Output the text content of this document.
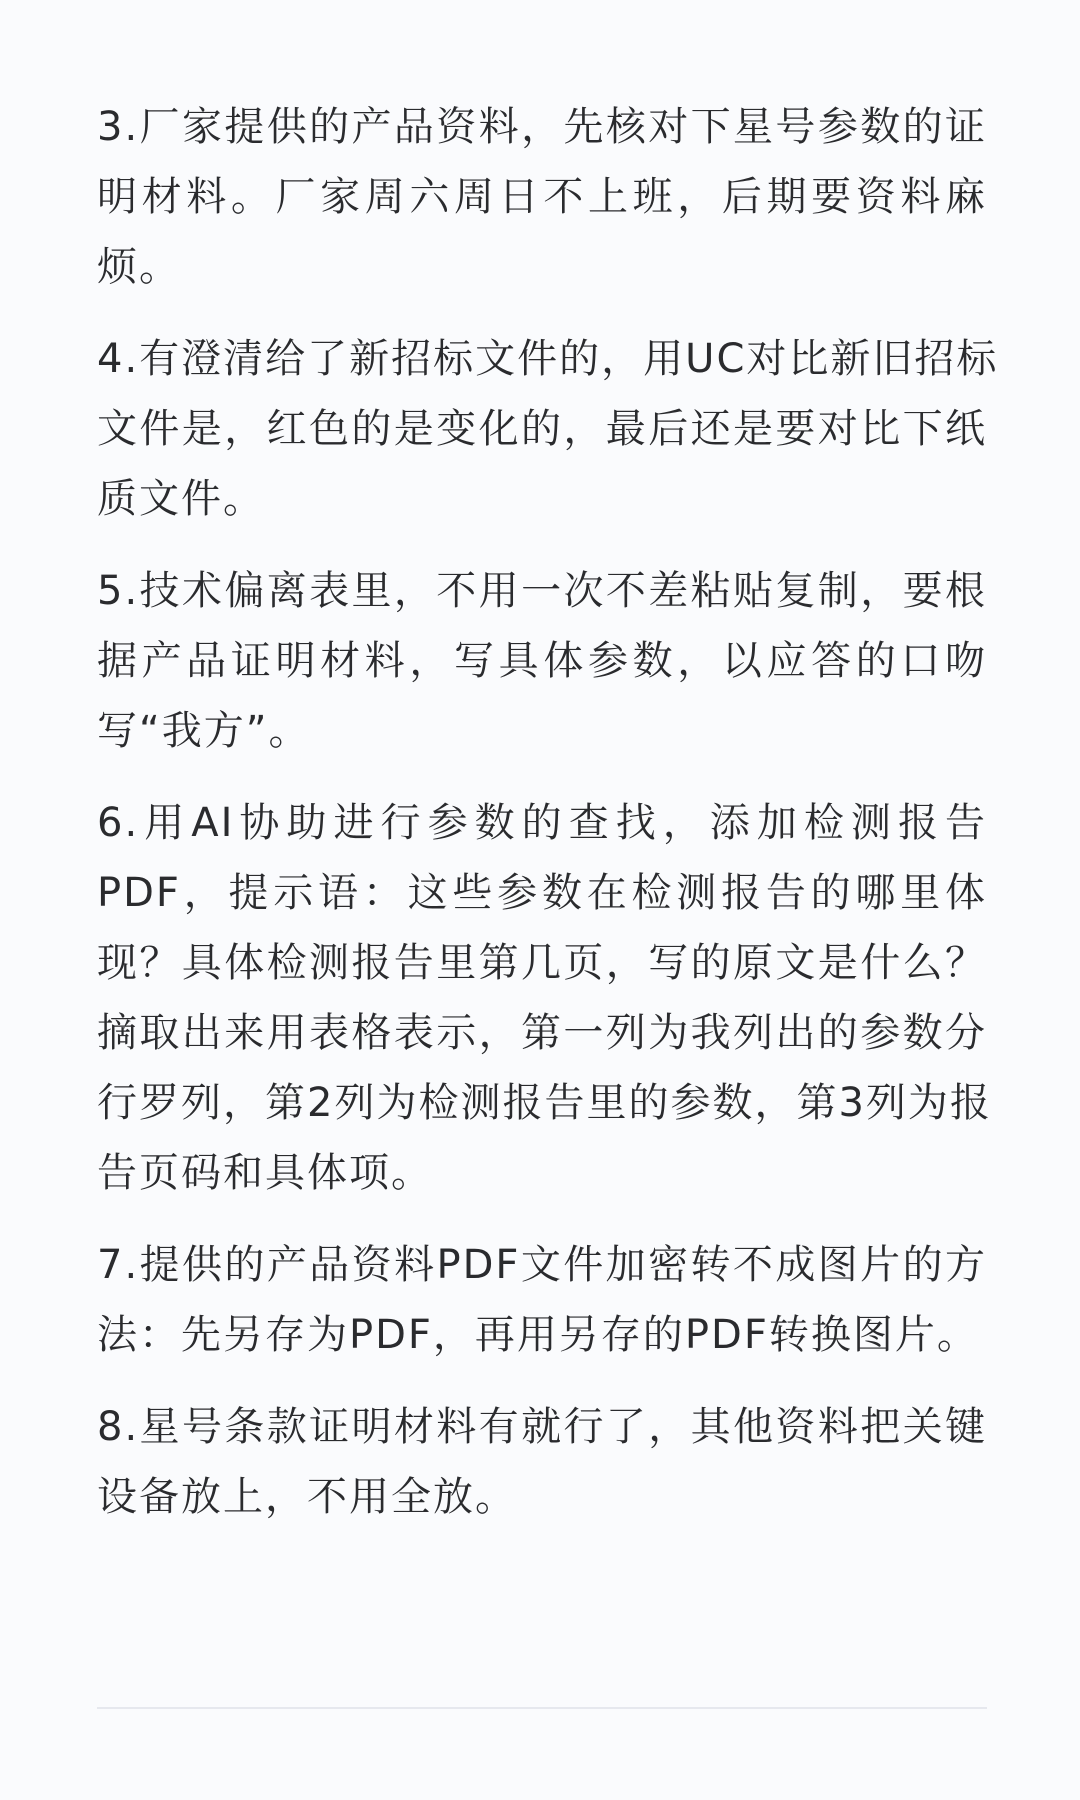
3.厂家提供的产品资料，先核对下星号参数的证
明材料。厂家周六周日不上班，后期要资料麻
烦。

4.有澄清给了新招标文件的，用UC对比新旧招标
文件是，红色的是变化的，最后还是要对比下纸
质文件。

5.技术偏离表里，不用一次不差粘贴复制，要根
据产品证明材料，写具体参数，以应答的口吻
写“我方”。

6.用AI协助进行参数的查找，添加检测报告
PDF，提示语：这些参数在检测报告的哪里体
现？具体检测报告里第几页，写的原文是什么？
摘取出来用表格表示，第一列为我列出的参数分
行罗列，第2列为检测报告里的参数，第3列为报
告页码和具体项。

7.提供的产品资料PDF文件加密转不成图片的方
法：先另存为PDF，再用另存的PDF转换图片。

8.星号条款证明材料有就行了，其他资料把关键
设备放上，不用全放。
